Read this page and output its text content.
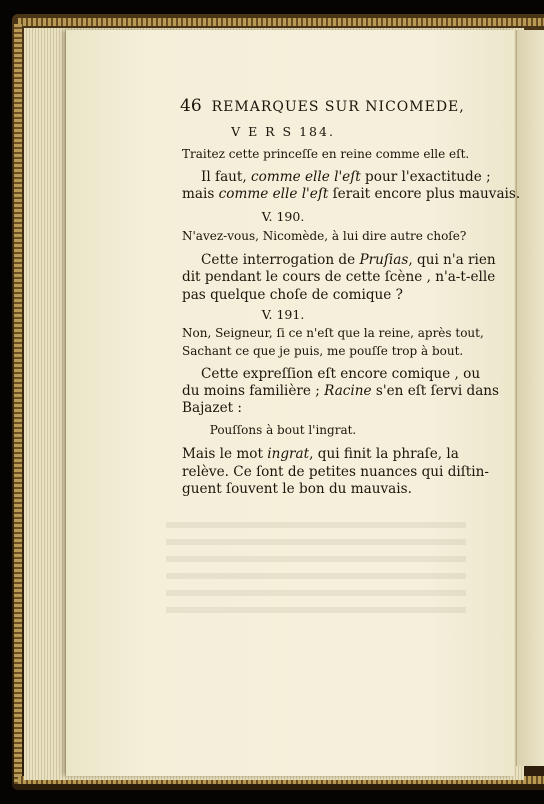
46 REMARQUES SUR NICOMEDE,
V E R S 184.
Traitez cette princeſſe en reine comme elle eſt.
Il faut, comme elle l'eſt pour l'exactitude ;
mais comme elle l'eſt ſerait encore plus mauvais.
V. 190.
N'avez-vous, Nicomède, à lui dire autre choſe?
Cette interrogation de Pruſias, qui n'a rien
dit pendant le cours de cette ſcène , n'a-t-elle
pas quelque choſe de comique ?
V. 191.
Non, Seigneur, ſi ce n'eſt que la reine, après tout,
Sachant ce que je puis, me pouſſe trop à bout.
Cette expreſſion eſt encore comique , ou
du moins familière ; Racine s'en eſt ſervi dans
Bajazet :
Pouſſons à bout l'ingrat.
Mais le mot ingrat, qui finit la phraſe, la
relève. Ce ſont de petites nuances qui diſtin-
guent ſouvent le bon du mauvais.
